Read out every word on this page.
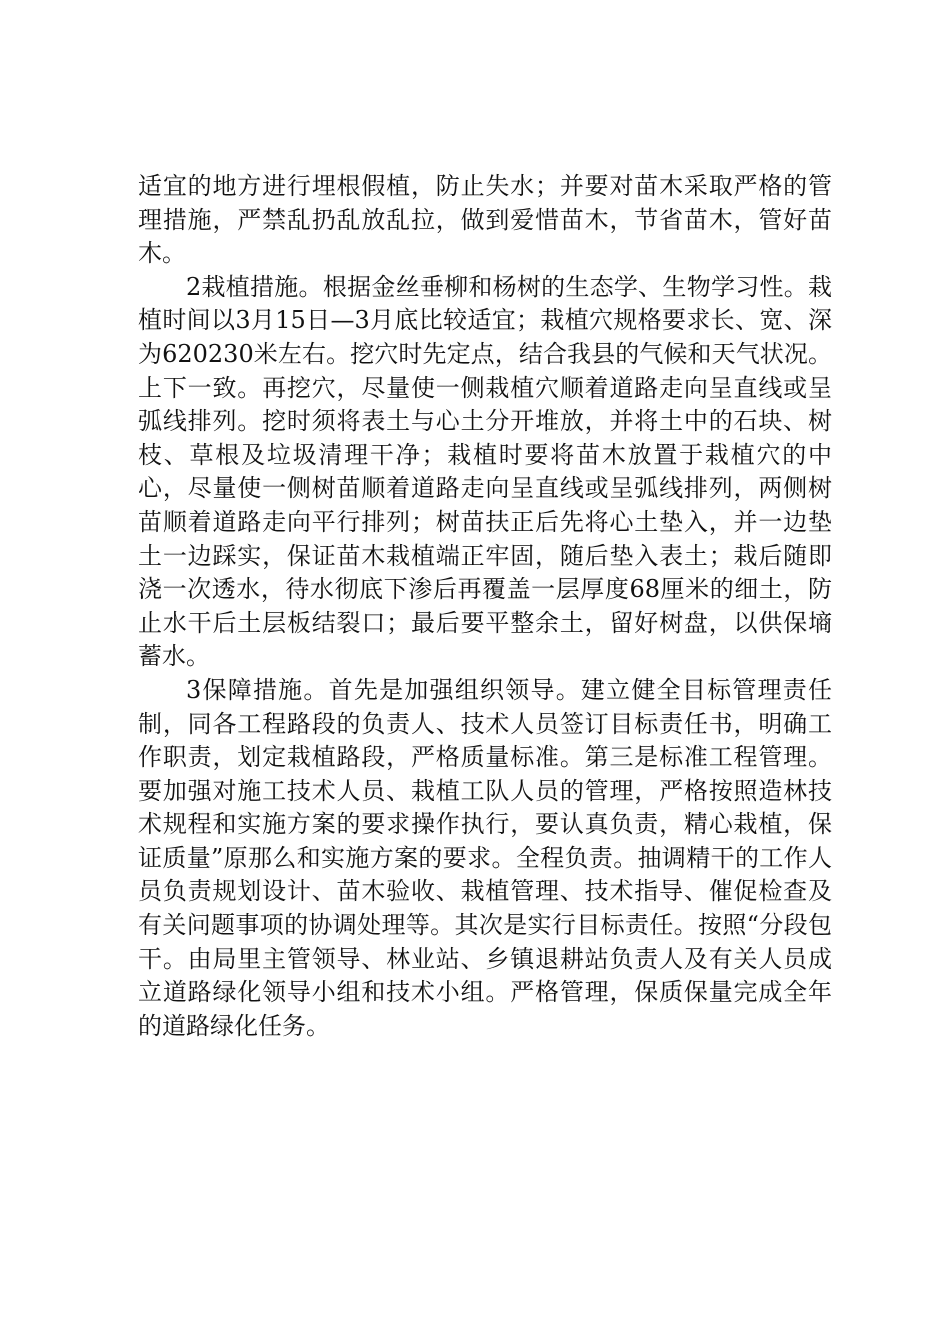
适宜的地方进行埋根假植，防止失水；并要对苗木采取严格的管理措施，严禁乱扔乱放乱拉，做到爱惜苗木，节省苗木，管好苗木。

2栽植措施。根据金丝垂柳和杨树的生态学、生物学习性。栽植时间以3月15日—3月底比较适宜；栽植穴规格要求长、宽、深为620230米左右。挖穴时先定点，结合我县的气候和天气状况。上下一致。再挖穴，尽量使一侧栽植穴顺着道路走向呈直线或呈弧线排列。挖时须将表土与心土分开堆放，并将土中的石块、树枝、草根及垃圾清理干净；栽植时要将苗木放置于栽植穴的中心，尽量使一侧树苗顺着道路走向呈直线或呈弧线排列，两侧树苗顺着道路走向平行排列；树苗扶正后先将心土垫入，并一边垫土一边踩实，保证苗木栽植端正牢固，随后垫入表土；栽后随即浇一次透水，待水彻底下渗后再覆盖一层厚度68厘米的细土，防止水干后土层板结裂口；最后要平整余土，留好树盘，以供保墒蓄水。

3保障措施。首先是加强组织领导。建立健全目标管理责任制，同各工程路段的负责人、技术人员签订目标责任书，明确工作职责，划定栽植路段，严格质量标准。第三是标准工程管理。要加强对施工技术人员、栽植工队人员的管理，严格按照造林技术规程和实施方案的要求操作执行，要认真负责，精心栽植，保证质量”原那么和实施方案的要求。全程负责。抽调精干的工作人员负责规划设计、苗木验收、栽植管理、技术指导、催促检查及有关问题事项的协调处理等。其次是实行目标责任。按照“分段包干。由局里主管领导、林业站、乡镇退耕站负责人及有关人员成立道路绿化领导小组和技术小组。严格管理，保质保量完成全年的道路绿化任务。
